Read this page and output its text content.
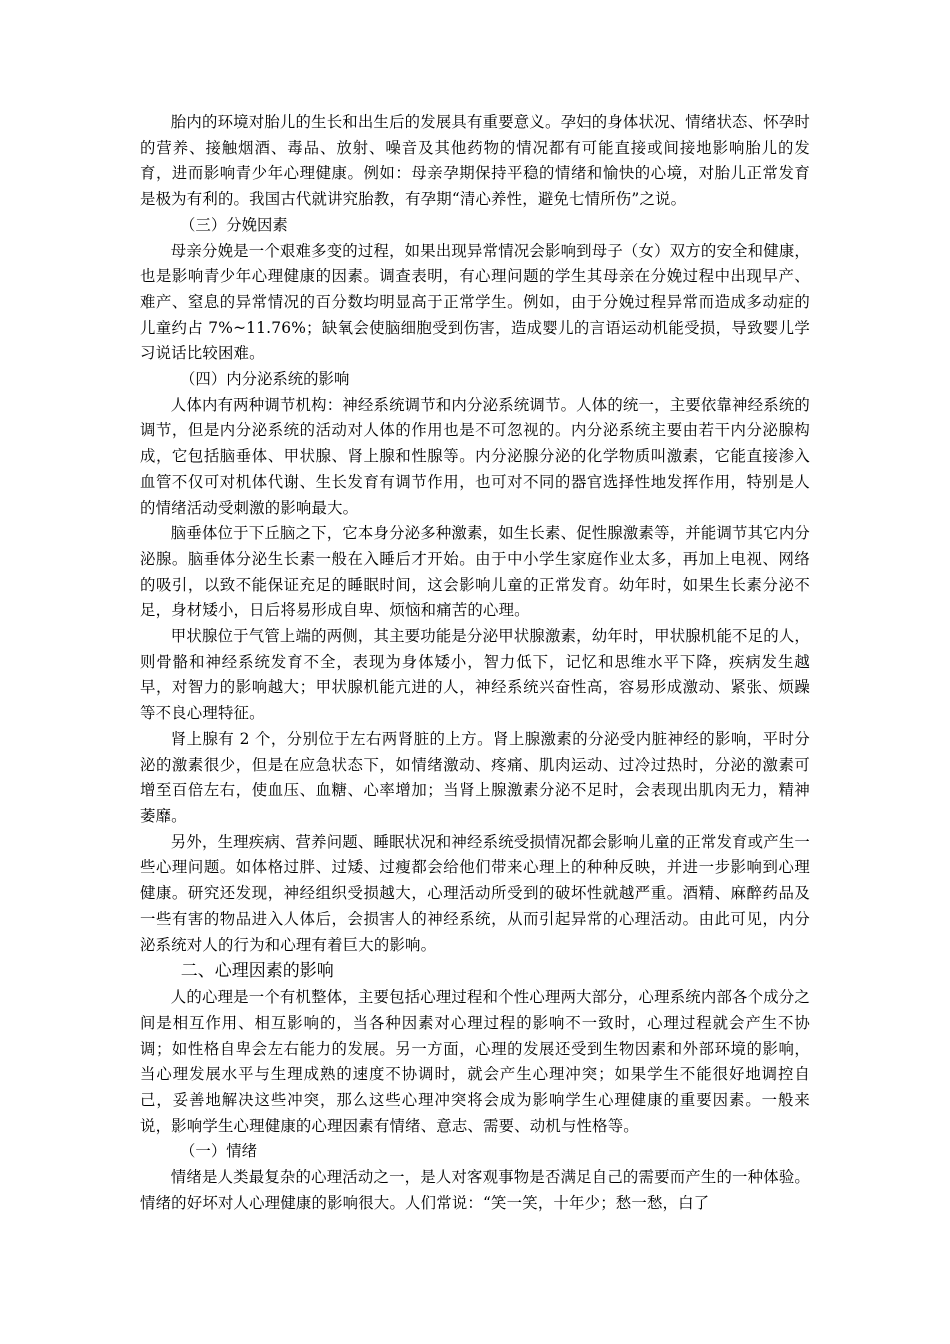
胎内的环境对胎儿的生长和出生后的发展具有重要意义。孕妇的身体状况、情绪状态、怀孕时的营养、接触烟酒、毒品、放射、噪音及其他药物的情况都有可能直接或间接地影响胎儿的发育，进而影响青少年心理健康。例如：母亲孕期保持平稳的情绪和愉快的心境，对胎儿正常发育是极为有利的。我国古代就讲究胎教，有孕期“清心养性，避免七情所伤”之说。

（三）分娩因素

母亲分娩是一个艰难多变的过程，如果出现异常情况会影响到母子（女）双方的安全和健康，也是影响青少年心理健康的因素。调查表明，有心理问题的学生其母亲在分娩过程中出现早产、难产、窒息的异常情况的百分数均明显高于正常学生。例如，由于分娩过程异常而造成多动症的儿童约占 7%~11.76%；缺氧会使脑细胞受到伤害，造成婴儿的言语运动机能受损，导致婴儿学习说话比较困难。

（四）内分泌系统的影响

人体内有两种调节机构：神经系统调节和内分泌系统调节。人体的统一，主要依靠神经系统的调节，但是内分泌系统的活动对人体的作用也是不可忽视的。内分泌系统主要由若干内分泌腺构成，它包括脑垂体、甲状腺、肾上腺和性腺等。内分泌腺分泌的化学物质叫激素，它能直接渗入血管不仅可对机体代谢、生长发育有调节作用，也可对不同的器官选择性地发挥作用，特别是人的情绪活动受刺激的影响最大。

脑垂体位于下丘脑之下，它本身分泌多种激素，如生长素、促性腺激素等，并能调节其它内分泌腺。脑垂体分泌生长素一般在入睡后才开始。由于中小学生家庭作业太多，再加上电视、网络的吸引，以致不能保证充足的睡眠时间，这会影响儿童的正常发育。幼年时，如果生长素分泌不足，身材矮小，日后将易形成自卑、烦恼和痛苦的心理。

甲状腺位于气管上端的两侧，其主要功能是分泌甲状腺激素，幼年时，甲状腺机能不足的人，则骨骼和神经系统发育不全，表现为身体矮小，智力低下，记忆和思维水平下降，疾病发生越早，对智力的影响越大；甲状腺机能亢进的人，神经系统兴奋性高，容易形成激动、紧张、烦躁等不良心理特征。

肾上腺有 2 个，分别位于左右两肾脏的上方。肾上腺激素的分泌受内脏神经的影响，平时分泌的激素很少，但是在应急状态下，如情绪激动、疼痛、肌肉运动、过冷过热时，分泌的激素可增至百倍左右，使血压、血糖、心率增加；当肾上腺激素分泌不足时，会表现出肌肉无力，精神萎靡。

另外，生理疾病、营养问题、睡眠状况和神经系统受损情况都会影响儿童的正常发育或产生一些心理问题。如体格过胖、过矮、过瘦都会给他们带来心理上的种种反映，并进一步影响到心理健康。研究还发现，神经组织受损越大，心理活动所受到的破坏性就越严重。酒精、麻醉药品及一些有害的物品进入人体后，会损害人的神经系统，从而引起异常的心理活动。由此可见，内分泌系统对人的行为和心理有着巨大的影响。

二、心理因素的影响

人的心理是一个有机整体，主要包括心理过程和个性心理两大部分，心理系统内部各个成分之间是相互作用、相互影响的，当各种因素对心理过程的影响不一致时，心理过程就会产生不协调；如性格自卑会左右能力的发展。另一方面，心理的发展还受到生物因素和外部环境的影响，当心理发展水平与生理成熟的速度不协调时，就会产生心理冲突；如果学生不能很好地调控自己，妥善地解决这些冲突，那么这些心理冲突将会成为影响学生心理健康的重要因素。一般来说，影响学生心理健康的心理因素有情绪、意志、需要、动机与性格等。

（一）情绪

情绪是人类最复杂的心理活动之一，是人对客观事物是否满足自己的需要而产生的一种体验。情绪的好坏对人心理健康的影响很大。人们常说：“笑一笑，十年少；愁一愁，白了
